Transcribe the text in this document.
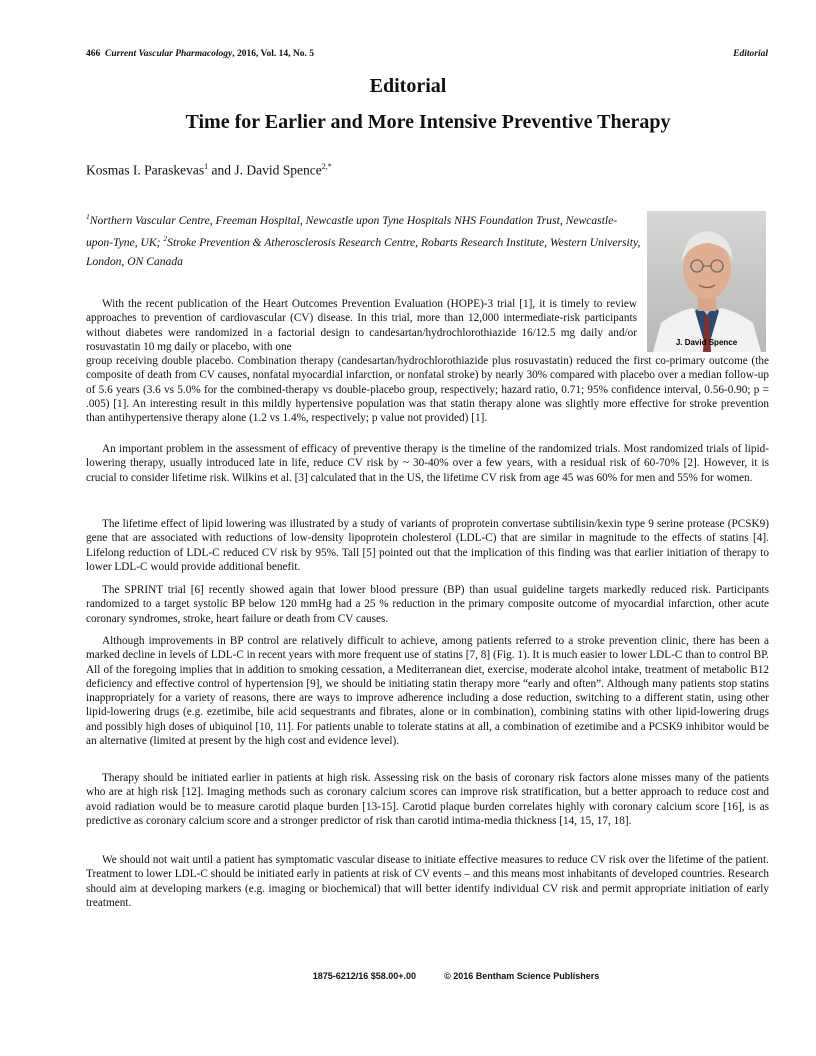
466 Current Vascular Pharmacology, 2016, Vol. 14, No. 5	Editorial
Editorial
Time for Earlier and More Intensive Preventive Therapy
Kosmas I. Paraskevas$^1$ and J. David Spence$^{2,*}$
$^1$Northern Vascular Centre, Freeman Hospital, Newcastle upon Tyne Hospitals NHS Foundation Trust, Newcastle-upon-Tyne, UK; $^2$Stroke Prevention & Atherosclerosis Research Centre, Robarts Research Institute, Western University, London, ON Canada
J. David Spence

With the recent publication of the Heart Outcomes Prevention Evaluation (HOPE)-3 trial [1], it is timely to review approaches to prevention of cardiovascular (CV) disease. In this trial, more than 12,000 intermediate-risk participants without diabetes were randomized in a factorial design to candesartan/hydrochlorothiazide 16/12.5 mg daily and/or rosuvastatin 10 mg daily or placebo, with one

group receiving double placebo. Combination therapy (candesartan/hydrochlorothiazide plus rosuvastatin) reduced the first co-primary outcome (the composite of death from CV causes, nonfatal myocardial infarction, or nonfatal stroke) by nearly 30% compared with placebo over a median follow-up of 5.6 years (3.6 vs 5.0% for the combined-therapy vs double-placebo group, respectively; hazard ratio, 0.71; 95% confidence interval, 0.56-0.90; p = .005) [1]. An interesting result in this mildly hypertensive population was that statin therapy alone was slightly more effective for stroke prevention than antihypertensive therapy alone (1.2 vs 1.4%, respectively; p value not provided) [1].

An important problem in the assessment of efficacy of preventive therapy is the timeline of the randomized trials. Most randomized trials of lipid-lowering therapy, usually introduced late in life, reduce CV risk by ~ 30-40% over a few years, with a residual risk of 60-70% [2]. However, it is crucial to consider lifetime risk. Wilkins et al. [3] calculated that in the US, the lifetime CV risk from age 45 was 60% for men and 55% for women.

The lifetime effect of lipid lowering was illustrated by a study of variants of proprotein convertase subtilisin/kexin type 9 serine protease (PCSK9) gene that are associated with reductions of low-density lipoprotein cholesterol (LDL-C) that are similar in magnitude to the effects of statins [4]. Lifelong reduction of LDL-C reduced CV risk by 95%. Tall [5] pointed out that the implication of this finding was that earlier initiation of therapy to lower LDL-C would provide additional benefit.

The SPRINT trial [6] recently showed again that lower blood pressure (BP) than usual guideline targets markedly reduced risk. Participants randomized to a target systolic BP below 120 mmHg had a 25 % reduction in the primary composite outcome of myocardial infarction, other acute coronary syndromes, stroke, heart failure or death from CV causes.

Although improvements in BP control are relatively difficult to achieve, among patients referred to a stroke prevention clinic, there has been a marked decline in levels of LDL-C in recent years with more frequent use of statins [7, 8] (Fig. 1). It is much easier to lower LDL-C than to control BP. All of the foregoing implies that in addition to smoking cessation, a Mediterranean diet, exercise, moderate alcohol intake, treatment of metabolic B12 deficiency and effective control of hypertension [9], we should be initiating statin therapy more “early and often”. Although many patients stop statins inappropriately for a variety of reasons, there are ways to improve adherence including a dose reduction, switching to a different statin, using other lipid-lowering drugs (e.g. ezetimibe, bile acid sequestrants and fibrates, alone or in combination), combining statins with other lipid-lowering drugs and possibly high doses of ubiquinol [10, 11]. For patients unable to tolerate statins at all, a combination of ezetimibe and a PCSK9 inhibitor would be an alternative (limited at present by the high cost and evidence level).

Therapy should be initiated earlier in patients at high risk. Assessing risk on the basis of coronary risk factors alone misses many of the patients who are at high risk [12]. Imaging methods such as coronary calcium scores can improve risk stratification, but a better approach to reduce cost and avoid radiation would be to measure carotid plaque burden [13-15]. Carotid plaque burden correlates highly with coronary calcium score [16], is as predictive as coronary calcium score and a stronger predictor of risk than carotid intima-media thickness [14, 15, 17, 18].

We should not wait until a patient has symptomatic vascular disease to initiate effective measures to reduce CV risk over the lifetime of the patient. Treatment to lower LDL-C should be initiated early in patients at risk of CV events – and this means most inhabitants of developed countries. Research should aim at developing markers (e.g. imaging or biochemical) that will better identify individual CV risk and permit appropriate initiation of early treatment.

1875-6212/16 $58.00+.00	© 2016 Bentham Science Publishers
